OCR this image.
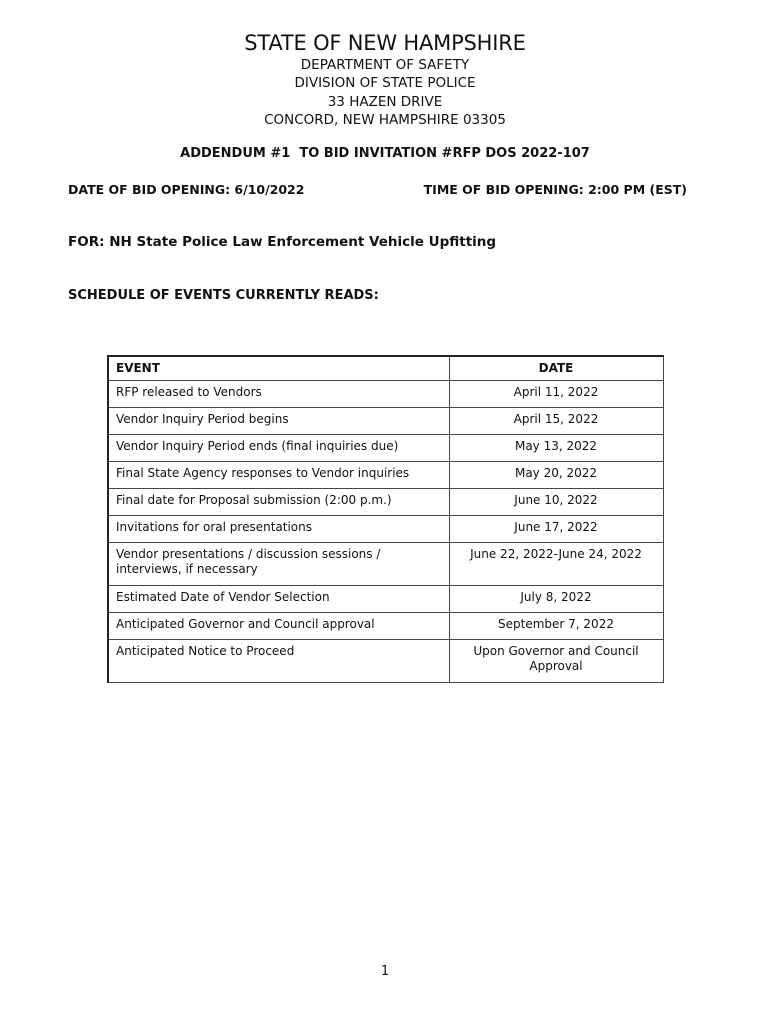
STATE OF NEW HAMPSHIRE
DEPARTMENT OF SAFETY
DIVISION OF STATE POLICE
33 HAZEN DRIVE
CONCORD, NEW HAMPSHIRE 03305
ADDENDUM #1  TO BID INVITATION #RFP DOS 2022-107
DATE OF BID OPENING: 6/10/2022	TIME OF BID OPENING: 2:00 PM (EST)
FOR: NH State Police Law Enforcement Vehicle Upfitting
SCHEDULE OF EVENTS CURRENTLY READS:
EVENT	DATE
RFP released to Vendors	April 11, 2022
Vendor Inquiry Period begins	April 15, 2022
Vendor Inquiry Period ends (final inquiries due)	May 13, 2022
Final State Agency responses to Vendor inquiries	May 20, 2022
Final date for Proposal submission (2:00 p.m.)	June 10, 2022
Invitations for oral presentations	June 17, 2022
Vendor presentations / discussion sessions / interviews, if necessary	June 22, 2022-June 24, 2022
Estimated Date of Vendor Selection	July 8, 2022
Anticipated Governor and Council approval	September 7, 2022
Anticipated Notice to Proceed	Upon Governor and Council Approval
1
